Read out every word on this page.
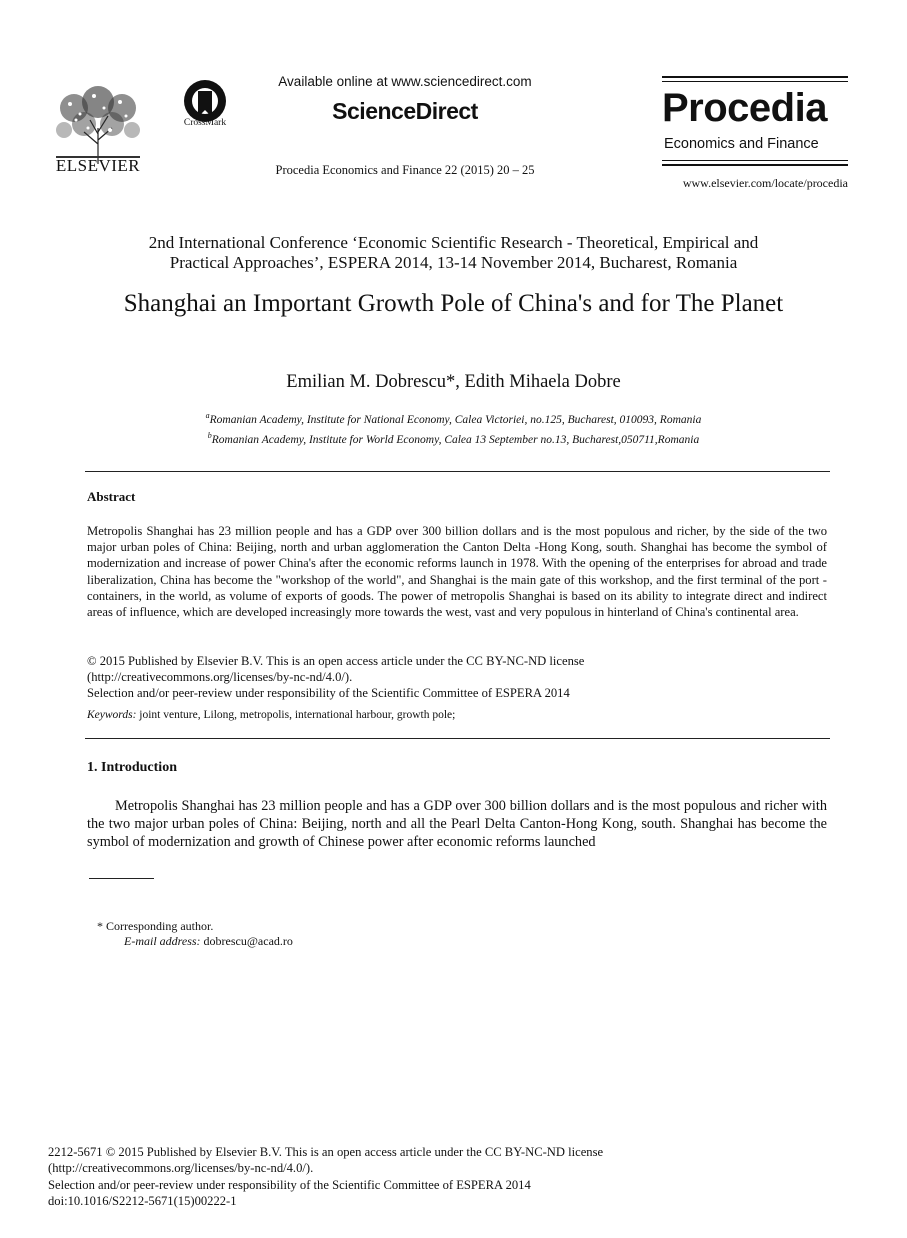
ELSEVIER
CrossMark
Available online at www.sciencedirect.com
ScienceDirect
Procedia Economics and Finance 22 (2015) 20 – 25
Procedia
Economics and Finance
www.elsevier.com/locate/procedia
2nd International Conference ‘Economic Scientific Research - Theoretical, Empirical and
Practical Approaches’, ESPERA 2014, 13-14 November 2014, Bucharest, Romania
Shanghai an Important Growth Pole of China's and for The Planet
Emilian M. Dobrescu*, Edith Mihaela Dobre
$^a$Romanian Academy, Institute for National Economy, Calea Victoriei, no.125, Bucharest, 010093, Romania
$^b$Romanian Academy, Institute for World Economy, Calea 13 September no.13, Bucharest,050711,Romania
Abstract
Metropolis Shanghai has 23 million people and has a GDP over 300 billion dollars and is the most populous and richer, by the side of the two major urban poles of China: Beijing, north and urban agglomeration the Canton Delta -Hong Kong, south. Shanghai has become the symbol of modernization and increase of power China's after the economic reforms launch in 1978. With the opening of the enterprises for abroad and trade liberalization, China has become the "workshop of the world", and Shanghai is the main gate of this workshop, and the first terminal of the port -containers, in the world, as volume of exports of goods. The power of metropolis Shanghai is based on its ability to integrate direct and indirect areas of influence, which are developed increasingly more towards the west, vast and very populous in hinterland of China's continental area.
© 2015 Published by Elsevier B.V. This is an open access article under the CC BY-NC-ND license
(http://creativecommons.org/licenses/by-nc-nd/4.0/).
Selection and/or peer-review under responsibility of the Scientific Committee of ESPERA 2014
Keywords: joint venture, Lilong, metropolis, international harbour, growth pole;
1. Introduction
Metropolis Shanghai has 23 million people and has a GDP over 300 billion dollars and is the most populous and richer with the two major urban poles of China: Beijing, north and all the Pearl Delta Canton-Hong Kong, south. Shanghai has become the symbol of modernization and growth of Chinese power after economic reforms launched
* Corresponding author.
E-mail address: dobrescu@acad.ro
2212-5671 © 2015 Published by Elsevier B.V. This is an open access article under the CC BY-NC-ND license
(http://creativecommons.org/licenses/by-nc-nd/4.0/).
Selection and/or peer-review under responsibility of the Scientific Committee of ESPERA 2014
doi:10.1016/S2212-5671(15)00222-1
